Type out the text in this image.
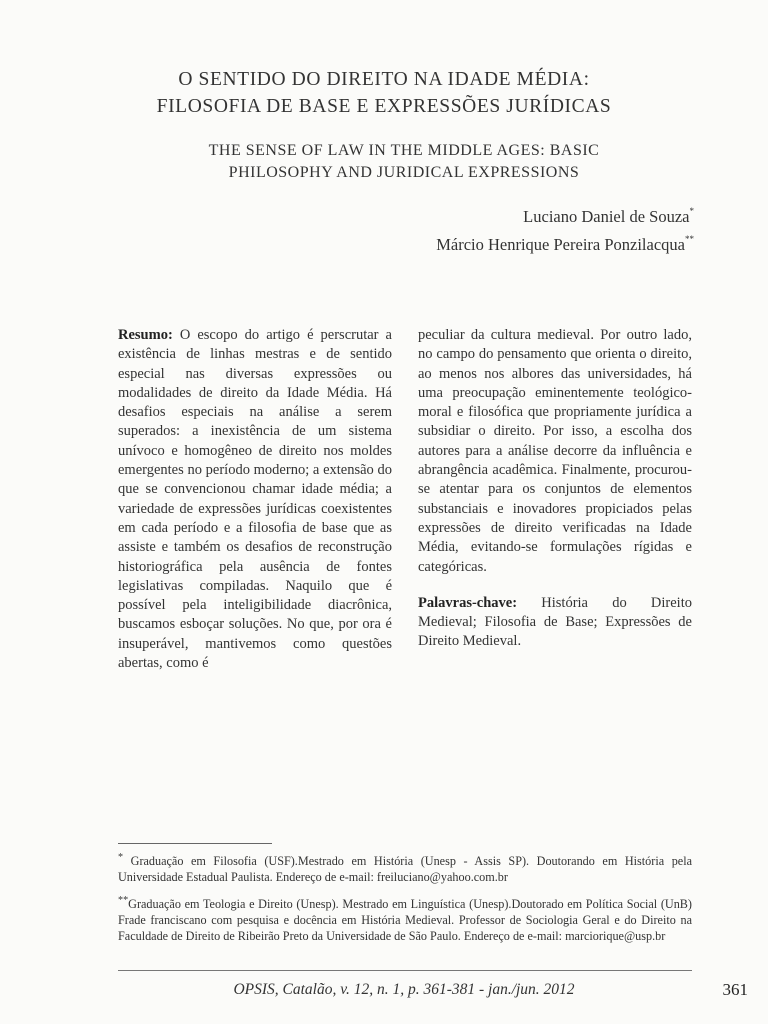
O SENTIDO DO DIREITO NA IDADE MÉDIA:
FILOSOFIA DE BASE E EXPRESSÕES JURÍDICAS
THE SENSE OF LAW IN THE MIDDLE AGES: BASIC
PHILOSOPHY AND JURIDICAL EXPRESSIONS
Luciano Daniel de Souza*
Márcio Henrique Pereira Ponzilacqua**
Resumo: O escopo do artigo é perscrutar a existência de linhas mestras e de sentido especial nas diversas expressões ou modalidades de direito da Idade Média. Há desafios especiais na análise a serem superados: a inexistência de um sistema unívoco e homogêneo de direito nos moldes emergentes no período moderno; a extensão do que se convencionou chamar idade média; a variedade de expressões jurídicas coexistentes em cada período e a filosofia de base que as assiste e também os desafios de reconstrução historiográfica pela ausência de fontes legislativas compiladas. Naquilo que é possível pela inteligibilidade diacrônica, buscamos esboçar soluções. No que, por ora é insuperável, mantivemos como questões abertas, como é
peculiar da cultura medieval. Por outro lado, no campo do pensamento que orienta o direito, ao menos nos albores das universidades, há uma preocupação eminentemente teológico-moral e filosófica que propriamente jurídica a subsidiar o direito. Por isso, a escolha dos autores para a análise decorre da influência e abrangência acadêmica. Finalmente, procurou-se atentar para os conjuntos de elementos substanciais e inovadores propiciados pelas expressões de direito verificadas na Idade Média, evitando-se formulações rígidas e categóricas.
Palavras-chave: História do Direito Medieval; Filosofia de Base; Expressões de Direito Medieval.

* Graduação em Filosofia (USF).Mestrado em História (Unesp - Assis SP). Doutorando em História pela Universidade Estadual Paulista. Endereço de e-mail: freiluciano@yahoo.com.br

**Graduação em Teologia e Direito (Unesp). Mestrado em Linguística (Unesp).Doutorado em Política Social (UnB) Frade franciscano com pesquisa e docência em História Medieval. Professor de Sociologia Geral e do Direito na Faculdade de Direito de Ribeirão Preto da Universidade de São Paulo. Endereço de e-mail: marciorique@usp.br

OPSIS, Catalão, v. 12, n. 1, p. 361-381 - jan./jun. 2012	361
